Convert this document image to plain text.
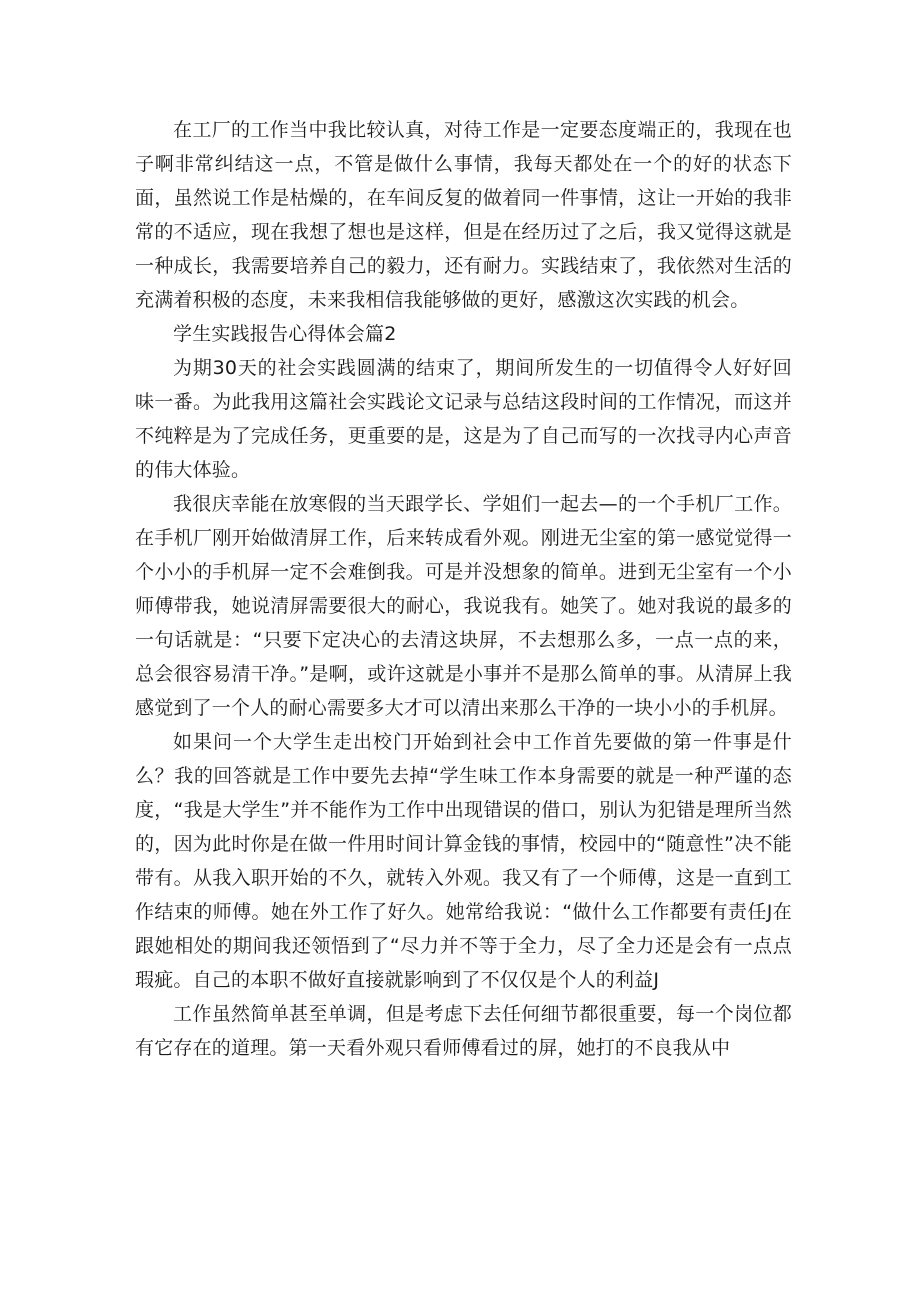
在工厂的工作当中我比较认真，对待工作是一定要态度端正的，我现在也子啊非常纠结这一点，不管是做什么事情，我每天都处在一个的好的状态下面，虽然说工作是枯燥的，在车间反复的做着同一件事情，这让一开始的我非常的不适应，现在我想了想也是这样，但是在经历过了之后，我又觉得这就是一种成长，我需要培养自己的毅力，还有耐力。实践结束了，我依然对生活的充满着积极的态度，未来我相信我能够做的更好，感激这次实践的机会。

学生实践报告心得体会篇2

为期30天的社会实践圆满的结束了，期间所发生的一切值得令人好好回味一番。为此我用这篇社会实践论文记录与总结这段时间的工作情况，而这并不纯粹是为了完成任务，更重要的是，这是为了自己而写的一次找寻内心声音的伟大体验。

我很庆幸能在放寒假的当天跟学长、学姐们一起去—的一个手机厂工作。在手机厂刚开始做清屏工作，后来转成看外观。刚进无尘室的第一感觉觉得一个小小的手机屏一定不会难倒我。可是并没想象的简单。进到无尘室有一个小师傅带我，她说清屏需要很大的耐心，我说我有。她笑了。她对我说的最多的一句话就是：“只要下定决心的去清这块屏，不去想那么多，一点一点的来，总会很容易清干净。”是啊，或许这就是小事并不是那么简单的事。从清屏上我感觉到了一个人的耐心需要多大才可以清出来那么干净的一块小小的手机屏。

如果问一个大学生走出校门开始到社会中工作首先要做的第一件事是什么？我的回答就是工作中要先去掉“学生味工作本身需要的就是一种严谨的态度，“我是大学生”并不能作为工作中出现错误的借口，别认为犯错是理所当然的，因为此时你是在做一件用时间计算金钱的事情，校园中的“随意性”决不能带有。从我入职开始的不久，就转入外观。我又有了一个师傅，这是一直到工作结束的师傅。她在外工作了好久。她常给我说：“做什么工作都要有责任J在跟她相处的期间我还领悟到了“尽力并不等于全力，尽了全力还是会有一点点瑕疵。自己的本职不做好直接就影响到了不仅仅是个人的利益J

工作虽然简单甚至单调，但是考虑下去任何细节都很重要，每一个岗位都有它存在的道理。第一天看外观只看师傅看过的屏，她打的不良我从中
